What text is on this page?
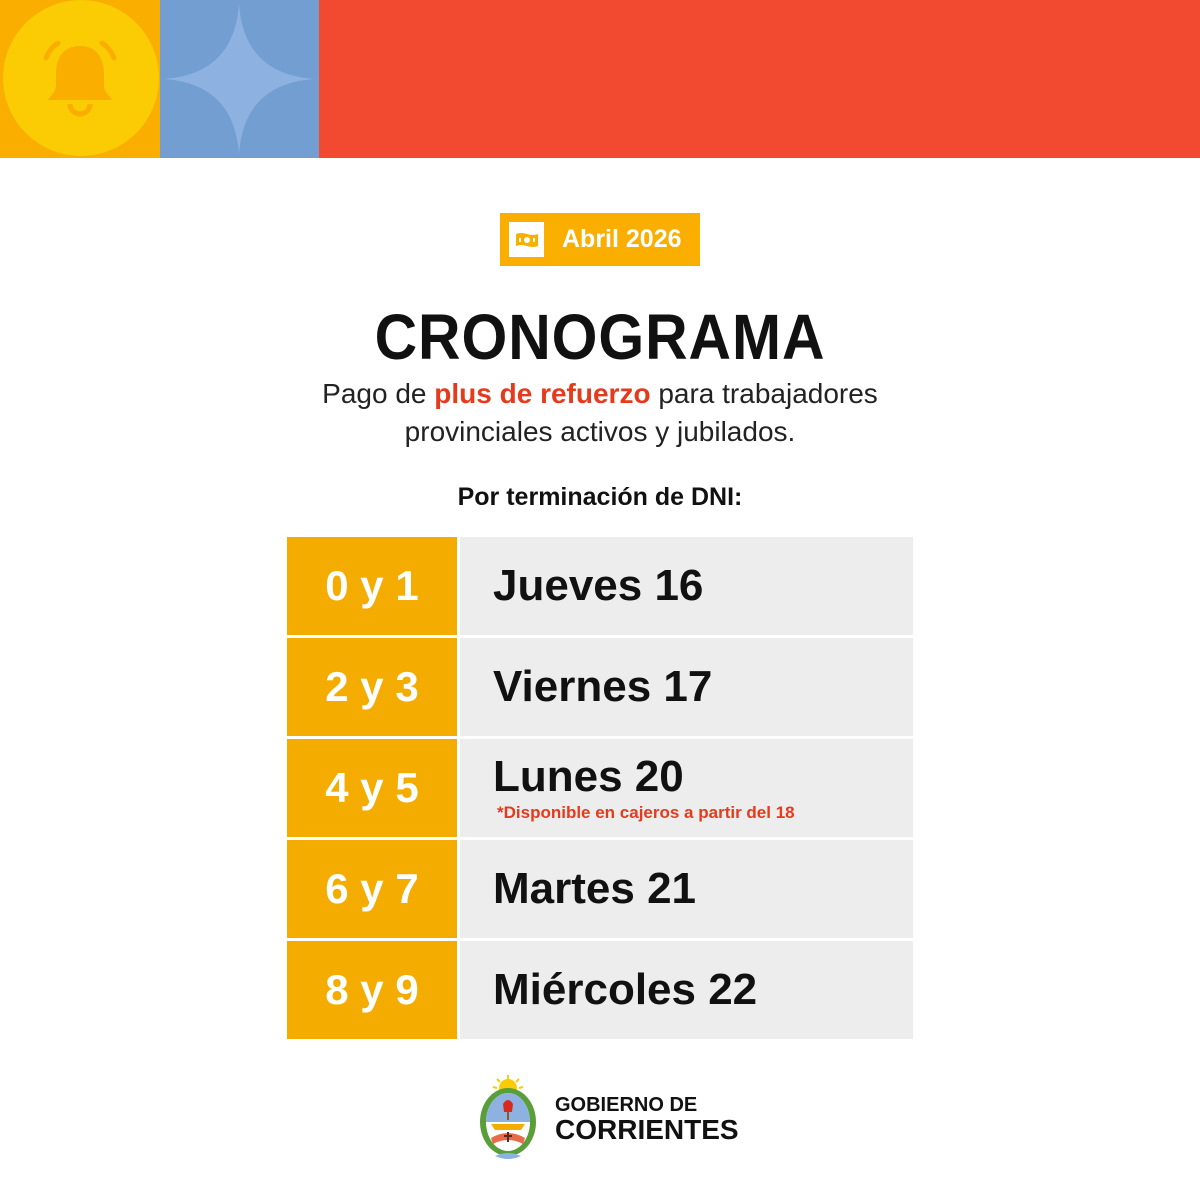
Abril 2026
CRONOGRAMA
Pago de plus de refuerzo para trabajadores
provinciales activos y jubilados.
Por terminación de DNI:
0 y 1	Jueves 16
2 y 3	Viernes 17
4 y 5	Lunes 20
*Disponible en cajeros a partir del 18
6 y 7	Martes 21
8 y 9	Miércoles 22
GOBIERNO DE
CORRIENTES
